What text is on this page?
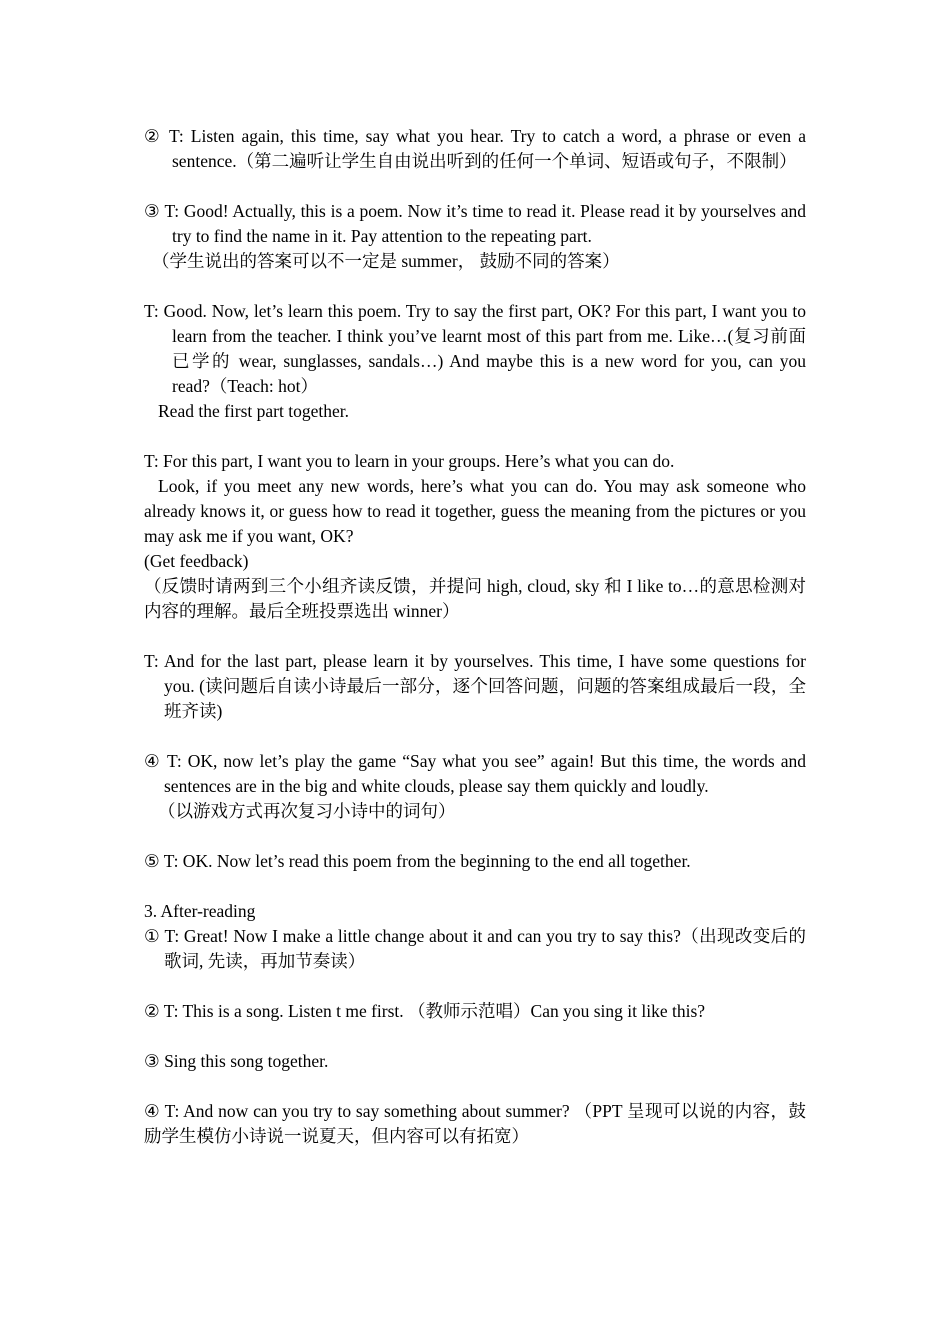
② T: Listen again, this time, say what you hear. Try to catch a word, a phrase or even a sentence.（第二遍听让学生自由说出听到的任何一个单词、短语或句子，不限制）

③ T: Good! Actually, this is a poem. Now it’s time to read it. Please read it by yourselves and try to find the name in it. Pay attention to the repeating part.

（学生说出的答案可以不一定是 summer， 鼓励不同的答案）

T: Good. Now, let’s learn this poem. Try to say the first part, OK? For this part, I want you to learn from the teacher. I think you’ve learnt most of this part from me. Like…(复习前面已学的 wear, sunglasses, sandals…) And maybe this is a new word for you, can you read?（Teach: hot）

Read the first part together.

T: For this part, I want you to learn in your groups. Here’s what you can do.

Look, if you meet any new words, here’s what you can do. You may ask someone who already knows it, or guess how to read it together, guess the meaning from the pictures or you may ask me if you want, OK?

(Get feedback)

（反馈时请两到三个小组齐读反馈，并提问 high, cloud, sky 和 I like to…的意思检测对内容的理解。最后全班投票选出 winner）

T: And for the last part, please learn it by yourselves. This time, I have some questions for you. (读问题后自读小诗最后一部分，逐个回答问题，问题的答案组成最后一段，全班齐读)

④ T: OK, now let’s play the game “Say what you see” again! But this time, the words and sentences are in the big and white clouds, please say them quickly and loudly.

（以游戏方式再次复习小诗中的词句）

⑤ T: OK. Now let’s read this poem from the beginning to the end all together.

3. After-reading

① T: Great! Now I make a little change about it and can you try to say this?（出现改变后的歌词, 先读，再加节奏读）

② T: This is a song. Listen t me first. （教师示范唱）Can you sing it like this?

③ Sing this song together.

④ T: And now can you try to say something about summer? （PPT 呈现可以说的内容，鼓励学生模仿小诗说一说夏天，但内容可以有拓宽）
